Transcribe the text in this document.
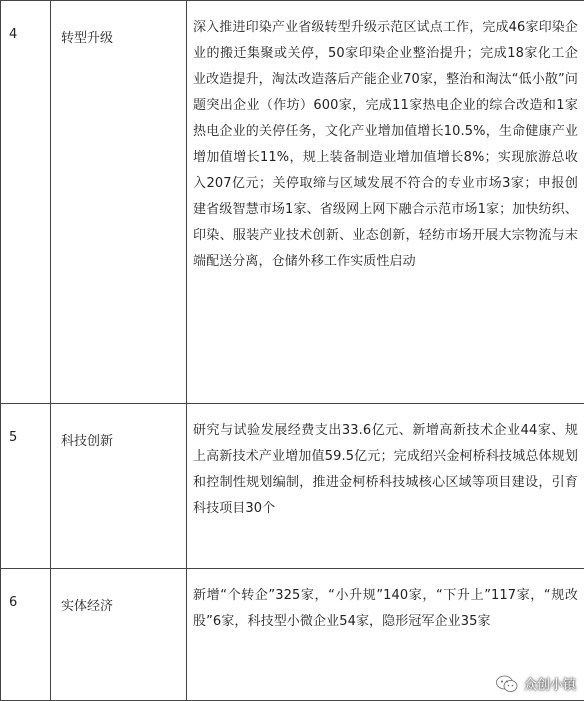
4	转型升级	深入推进印染产业省级转型升级示范区试点工作，完成46家印染企业的搬迁集聚或关停，50家印染企业整治提升；完成18家化工企业改造提升，淘汰改造落后产能企业70家，整治和淘汰“低小散”问题突出企业（作坊）600家，完成11家热电企业的综合改造和1家热电企业的关停任务，文化产业增加值增长10.5%，生命健康产业增加值增长11%，规上装备制造业增加值增长8%；实现旅游总收入207亿元；关停取缔与区域发展不符合的专业市场3家；申报创建省级智慧市场1家、省级网上网下融合示范市场1家；加快纺织、印染、服装产业技术创新、业态创新，轻纺市场开展大宗物流与末端配送分离，仓储外移工作实质性启动
5	科技创新	研究与试验发展经费支出33.6亿元、新增高新技术企业44家、规上高新技术产业增加值59.5亿元；完成绍兴金柯桥科技城总体规划和控制性规划编制，推进金柯桥科技城核心区域等项目建设，引育科技项目30个
6	实体经济	新增“个转企”325家，“小升规”140家，“下升上”117家，“规改股”6家，科技型小微企业54家，隐形冠军企业35家
众创小镇
